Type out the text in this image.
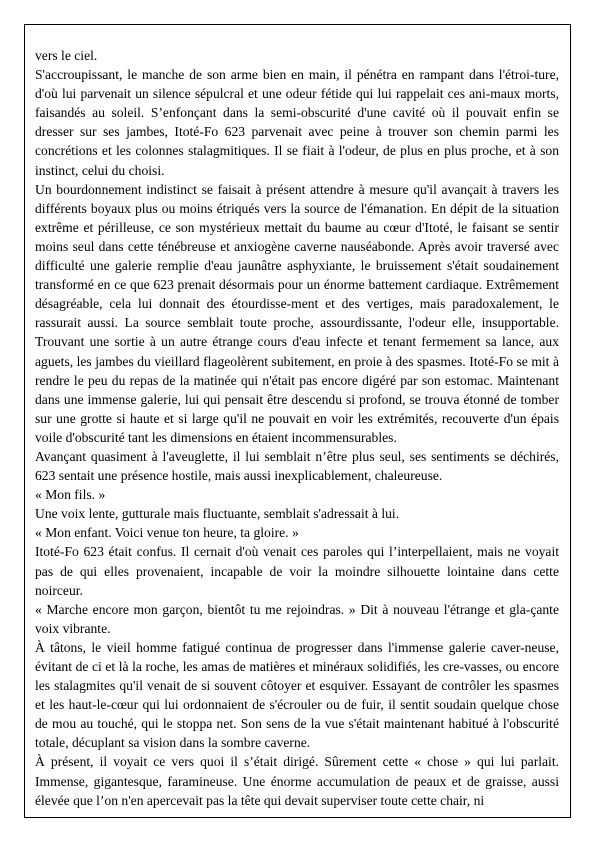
vers le ciel.

S'accroupissant, le manche de son arme bien en main, il pénétra en rampant dans l'étroi-ture, d'où lui parvenait un silence sépulcral et une odeur fétide qui lui rappelait ces ani-maux morts, faisandés au soleil. S’enfonçant dans la semi-obscurité d'une cavité où il pouvait enfin se dresser sur ses jambes, Itoté-Fo 623 parvenait avec peine à trouver son chemin parmi les concrétions et les colonnes stalagmitiques. Il se fiait à l'odeur, de plus en plus proche, et à son instinct, celui du choisi.

Un bourdonnement indistinct se faisait à présent attendre à mesure qu'il avançait à travers les différents boyaux plus ou moins étriqués vers la source de l'émanation. En dépit de la situation extrême et périlleuse, ce son mystérieux mettait du baume au cœur d'Itoté, le faisant se sentir moins seul dans cette ténébreuse et anxiogène caverne nauséabonde. Après avoir traversé avec difficulté une galerie remplie d'eau jaunâtre asphyxiante, le bruissement s'était soudainement transformé en ce que 623 prenait désormais pour un énorme battement cardiaque. Extrêmement désagréable, cela lui donnait des étourdisse-ment et des vertiges, mais paradoxalement, le rassurait aussi. La source semblait toute proche, assourdissante, l'odeur elle, insupportable. Trouvant une sortie à un autre étrange cours d'eau infecte et tenant fermement sa lance, aux aguets, les jambes du vieillard flageolèrent subitement, en proie à des spasmes. Itoté-Fo se mit à rendre le peu du repas de la matinée qui n'était pas encore digéré par son estomac. Maintenant dans une immense galerie, lui qui pensait être descendu si profond, se trouva étonné de tomber sur une grotte si haute et si large qu'il ne pouvait en voir les extrémités, recouverte d'un épais voile d'obscurité tant les dimensions en étaient incommensurables.

Avançant quasiment à l'aveuglette, il lui semblait n’être plus seul, ses sentiments se déchirés, 623 sentait une présence hostile, mais aussi inexplicablement, chaleureuse.

« Mon fils. »

Une voix lente, gutturale mais fluctuante, semblait s'adressait à lui.

« Mon enfant. Voici venue ton heure, ta gloire. »

Itoté-Fo 623 était confus. Il cernait d'où venait ces paroles qui l’interpellaient, mais ne voyait pas de qui elles provenaient, incapable de voir la moindre silhouette lointaine dans cette noirceur.

« Marche encore mon garçon, bientôt tu me rejoindras. » Dit à nouveau l'étrange et gla-çante voix vibrante.

À tâtons, le vieil homme fatigué continua de progresser dans l'immense galerie caver-neuse, évitant de ci et là la roche, les amas de matières et minéraux solidifiés, les cre-vasses, ou encore les stalagmites qu'il venait de si souvent côtoyer et esquiver. Essayant de contrôler les spasmes et les haut-le-cœur qui lui ordonnaient de s'écrouler ou de fuir, il sentit soudain quelque chose de mou au touché, qui le stoppa net. Son sens de la vue s'était maintenant habitué à l'obscurité totale, décuplant sa vision dans la sombre caverne.

À présent, il voyait ce vers quoi il s’était dirigé. Sûrement cette « chose » qui lui parlait. Immense, gigantesque, faramineuse. Une énorme accumulation de peaux et de graisse, aussi élevée que l’on n'en apercevait pas la tête qui devait superviser toute cette chair, ni
